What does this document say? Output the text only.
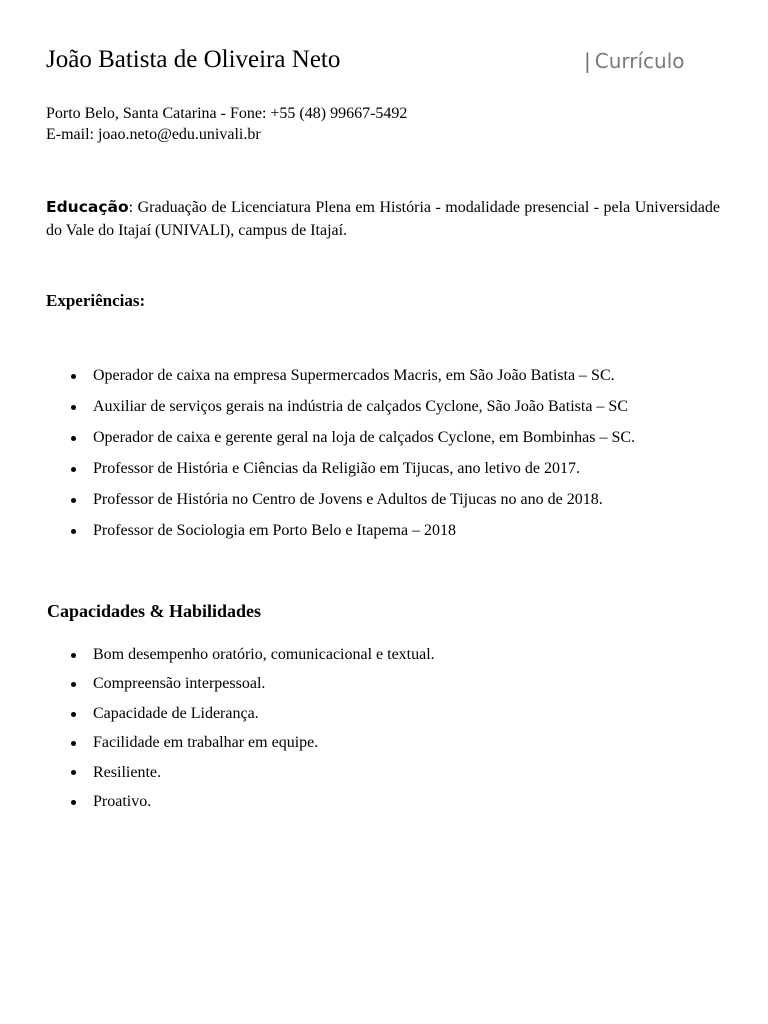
João Batista de Oliveira Neto	| Currículo
Porto Belo, Santa Catarina - Fone: +55 (48) 99667-5492
E-mail: joao.neto@edu.univali.br
Educação: Graduação de Licenciatura Plena em História - modalidade presencial - pela Universidade do Vale do Itajaí (UNIVALI), campus de Itajaí.
Experiências:
Operador de caixa na empresa Supermercados Macris, em São João Batista – SC.
Auxiliar de serviços gerais na indústria de calçados Cyclone, São João Batista – SC
Operador de caixa e gerente geral na loja de calçados Cyclone, em Bombinhas – SC.
Professor de História e Ciências da Religião em Tijucas, ano letivo de 2017.
Professor de História no Centro de Jovens e Adultos de Tijucas no ano de 2018.
Professor de Sociologia em Porto Belo e Itapema – 2018
Capacidades & Habilidades
Bom desempenho oratório, comunicacional e textual.
Compreensão interpessoal.
Capacidade de Liderança.
Facilidade em trabalhar em equipe.
Resiliente.
Proativo.
